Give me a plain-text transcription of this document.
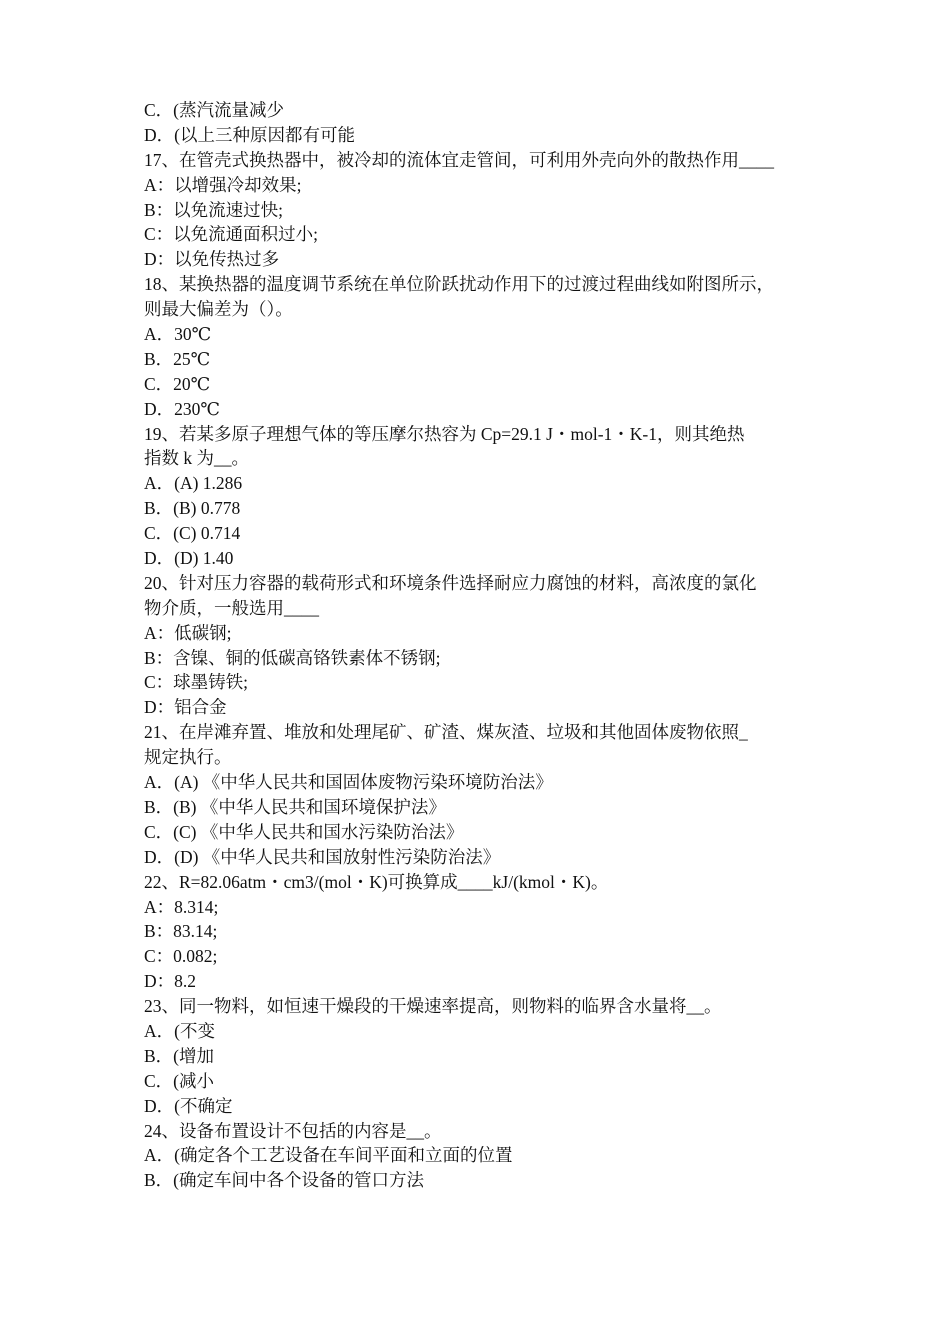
C．(蒸汽流量减少
D．(以上三种原因都有可能
17、在管壳式换热器中，被冷却的流体宜走管间，可利用外壳向外的散热作用____
A：以增强冷却效果;
B：以免流速过快;
C：以免流通面积过小;
D：以免传热过多
18、某换热器的温度调节系统在单位阶跃扰动作用下的过渡过程曲线如附图所示，
则最大偏差为（）。
A．30℃
B．25℃
C．20℃
D．230℃
19、若某多原子理想气体的等压摩尔热容为 Cp=29.1 J・mol-1・K-1，则其绝热
指数 k 为__。
A．(A) 1.286
B．(B) 0.778
C．(C) 0.714
D．(D) 1.40
20、针对压力容器的载荷形式和环境条件选择耐应力腐蚀的材料，高浓度的氯化
物介质，一般选用____
A：低碳钢;
B：含镍、铜的低碳高铬铁素体不锈钢;
C：球墨铸铁;
D：铝合金
21、在岸滩弃置、堆放和处理尾矿、矿渣、煤灰渣、垃圾和其他固体废物依照_
规定执行。
A．(A) 《中华人民共和国固体废物污染环境防治法》
B．(B) 《中华人民共和国环境保护法》
C．(C) 《中华人民共和国水污染防治法》
D．(D) 《中华人民共和国放射性污染防治法》
22、R=82.06atm・cm3/(mol・K)可换算成____kJ/(kmol・K)。
A：8.314;
B：83.14;
C：0.082;
D：8.2
23、同一物料，如恒速干燥段的干燥速率提高，则物料的临界含水量将__。
A．(不变
B．(增加
C．(减小
D．(不确定
24、设备布置设计不包括的内容是__。
A．(确定各个工艺设备在车间平面和立面的位置
B．(确定车间中各个设备的管口方法
